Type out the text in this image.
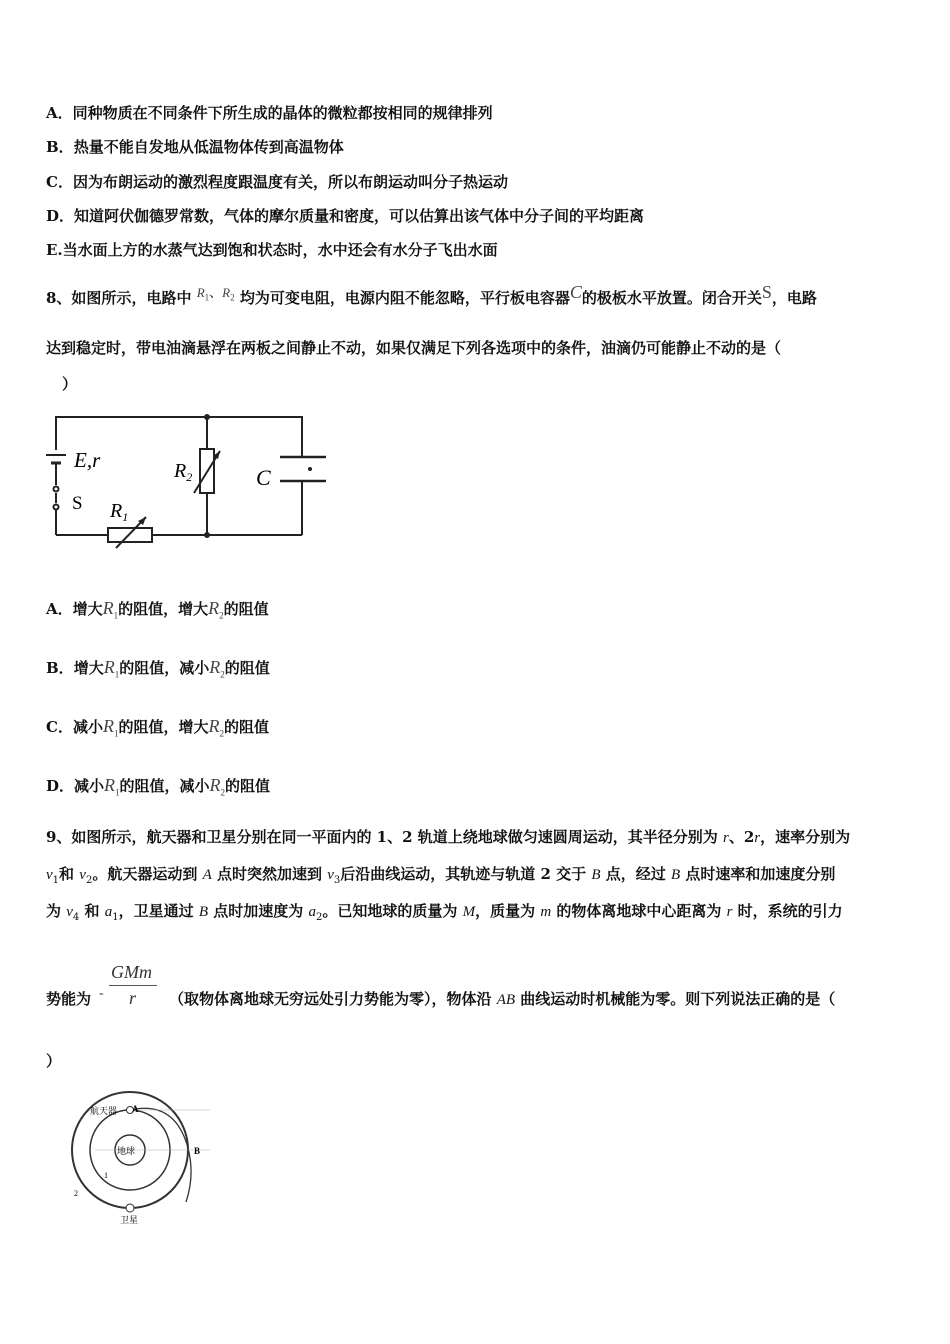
A．同种物质在不同条件下所生成的晶体的微粒都按相同的规律排列
B．热量不能自发地从低温物体传到高温物体
C．因为布朗运动的激烈程度跟温度有关，所以布朗运动叫分子热运动
D．知道阿伏伽德罗常数，气体的摩尔质量和密度，可以估算出该气体中分子间的平均距离
E.当水面上方的水蒸气达到饱和状态时，水中还会有水分子飞出水面
8、如图所示，电路中 $R_1$、$R_2$ 均为可变电阻，电源内阻不能忽略，平行板电容器C的极板水平放置。闭合开关S，电路
达到稳定时，带电油滴悬浮在两板之间静止不动，如果仅满足下列各选项中的条件，油滴仍可能静止不动的是（
）
E,r
S $R_1$
$R_2$	C
A．增大$R_1$的阻值，增大$R_2$的阻值
B．增大$R_1$的阻值，减小$R_2$的阻值
C．减小$R_1$的阻值，增大$R_2$的阻值
D．减小$R_1$的阻值，减小$R_2$的阻值
9、如图所示，航天器和卫星分别在同一平面内的 1、2 轨道上绕地球做匀速圆周运动，其半径分别为 r、2r，速率分别为
$v_1$和 $v_2$。航天器运动到 A 点时突然加速到 $v_3$后沿曲线运动，其轨迹与轨道 2 交于 B 点，经过 B 点时速率和加速度分别
为 $v_4$ 和 $a_1$，卫星通过 B 点时加速度为 $a_2$。已知地球的质量为 M，质量为 m 的物体离地球中心距离为 r 时，系统的引力
势能为	（取物体离地球无穷远处引力势能为零），物体沿 AB 曲线运动时机械能为零。则下列说法正确的是（
-
GMm
r
）
航天器 A
地球	B
1
2
卫星
